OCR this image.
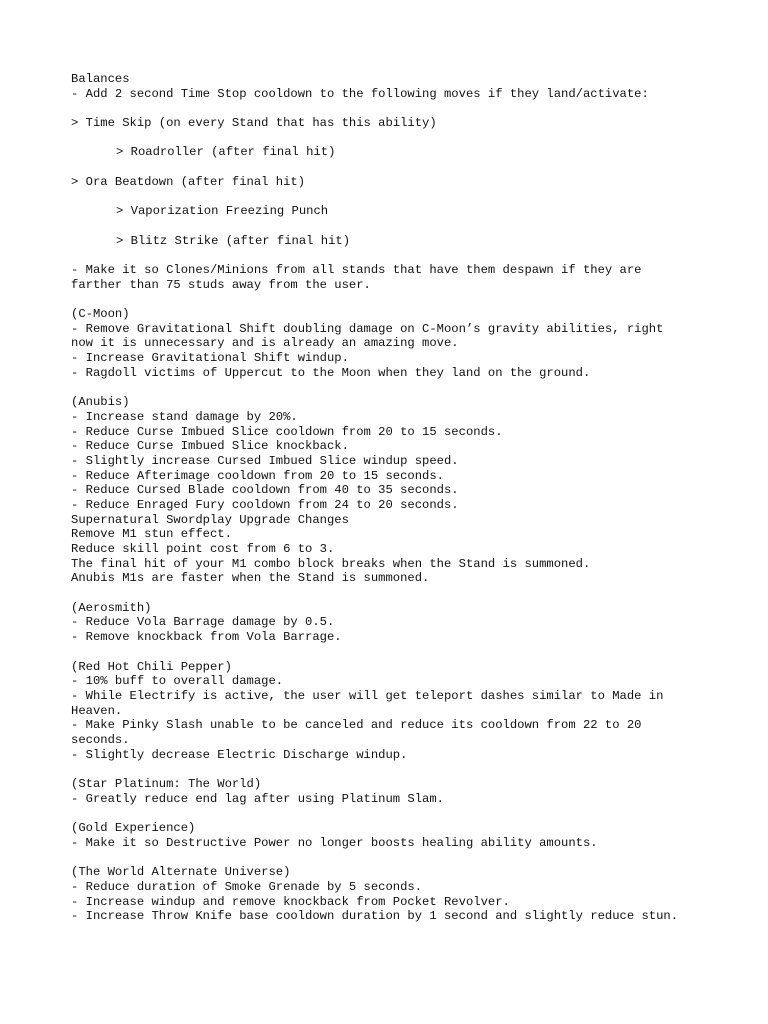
Balances
- Add 2 second Time Stop cooldown to the following moves if they land/activate:
> Time Skip (on every Stand that has this ability)
> Roadroller (after final hit)
> Ora Beatdown (after final hit)
> Vaporization Freezing Punch
> Blitz Strike (after final hit)
- Make it so Clones/Minions from all stands that have them despawn if they are
farther than 75 studs away from the user.
(C-Moon)
- Remove Gravitational Shift doubling damage on C-Moon’s gravity abilities, right
now it is unnecessary and is already an amazing move.
- Increase Gravitational Shift windup.
- Ragdoll victims of Uppercut to the Moon when they land on the ground.
(Anubis)
- Increase stand damage by 20%.
- Reduce Curse Imbued Slice cooldown from 20 to 15 seconds.
- Reduce Curse Imbued Slice knockback.
- Slightly increase Cursed Imbued Slice windup speed.
- Reduce Afterimage cooldown from 20 to 15 seconds.
- Reduce Cursed Blade cooldown from 40 to 35 seconds.
- Reduce Enraged Fury cooldown from 24 to 20 seconds.
Supernatural Swordplay Upgrade Changes
Remove M1 stun effect.
Reduce skill point cost from 6 to 3.
The final hit of your M1 combo block breaks when the Stand is summoned.
Anubis M1s are faster when the Stand is summoned.
(Aerosmith)
- Reduce Vola Barrage damage by 0.5.
- Remove knockback from Vola Barrage.
(Red Hot Chili Pepper)
- 10% buff to overall damage.
- While Electrify is active, the user will get teleport dashes similar to Made in
Heaven.
- Make Pinky Slash unable to be canceled and reduce its cooldown from 22 to 20
seconds.
- Slightly decrease Electric Discharge windup.
(Star Platinum: The World)
- Greatly reduce end lag after using Platinum Slam.
(Gold Experience)
- Make it so Destructive Power no longer boosts healing ability amounts.
(The World Alternate Universe)
- Reduce duration of Smoke Grenade by 5 seconds.
- Increase windup and remove knockback from Pocket Revolver.
- Increase Throw Knife base cooldown duration by 1 second and slightly reduce stun.
